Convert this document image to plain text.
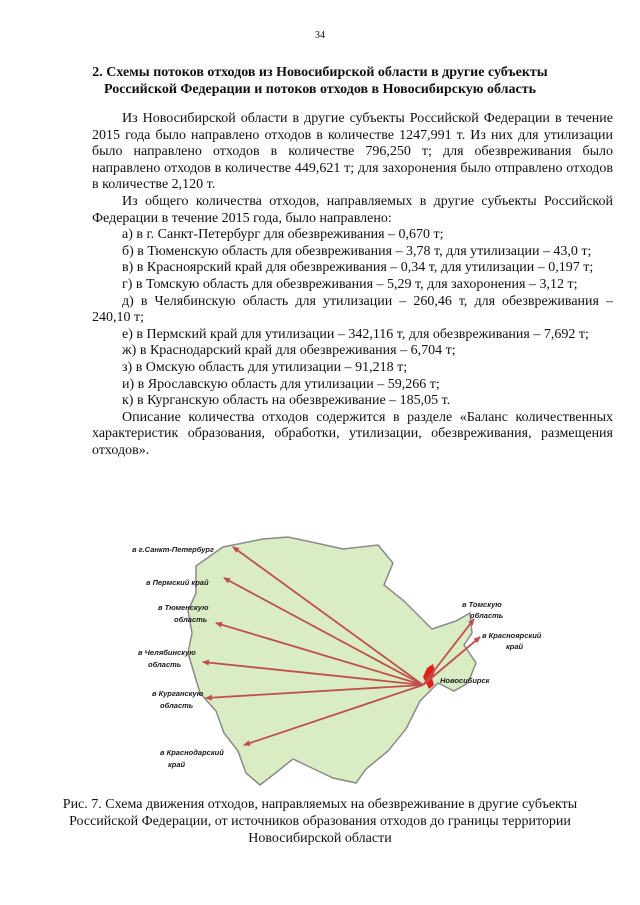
34
2. Схемы потоков отходов из Новосибирской области в другие субъекты Российской Федерации и потоков отходов в Новосибирскую область

Из Новосибирской области в другие субъекты Российской Федерации в течение 2015 года было направлено отходов в количестве 1247,991 т. Из них для утилизации было направлено отходов в количестве 796,250 т; для обезвреживания было направлено отходов в количестве 449,621 т; для захоронения было отправлено отходов в количестве 2,120 т.

Из общего количества отходов, направляемых в другие субъекты Российской Федерации в течение 2015 года, было направлено:

а) в г. Санкт-Петербург для обезвреживания – 0,670 т;

б) в Тюменскую область для обезвреживания – 3,78 т, для утилизации – 43,0 т;

в) в Красноярский край для обезвреживания – 0,34 т, для утилизации – 0,197 т;

г) в Томскую область для обезвреживания – 5,29 т, для захоронения – 3,12 т;

д) в Челябинскую область для утилизации – 260,46 т, для обезвреживания – 240,10 т;

е) в Пермский край для утилизации – 342,116 т, для обезвреживания – 7,692 т;

ж) в Краснодарский край для обезвреживания – 6,704 т;

з) в Омскую область для утилизации – 91,218 т;

и) в Ярославскую область для утилизации – 59,266 т;

к) в Курганскую область на обезвреживание – 185,05 т.

Описание количества отходов содержится в разделе «Баланс количественных характеристик образования, обработки, утилизации, обезвреживания, размещения отходов».

Новосибирск
в г.Санкт-Петербург
в Пермский край
в Тюменскую
область
в Челябинскую
область
в Курганскую
область
в Краснодарский
край
в Томскую
область
в Красноярский
край
Рис. 7. Схема движения отходов, направляемых на обезвреживание в другие субъекты Российской Федерации, от источников образования отходов до границы территории Новосибирской области
